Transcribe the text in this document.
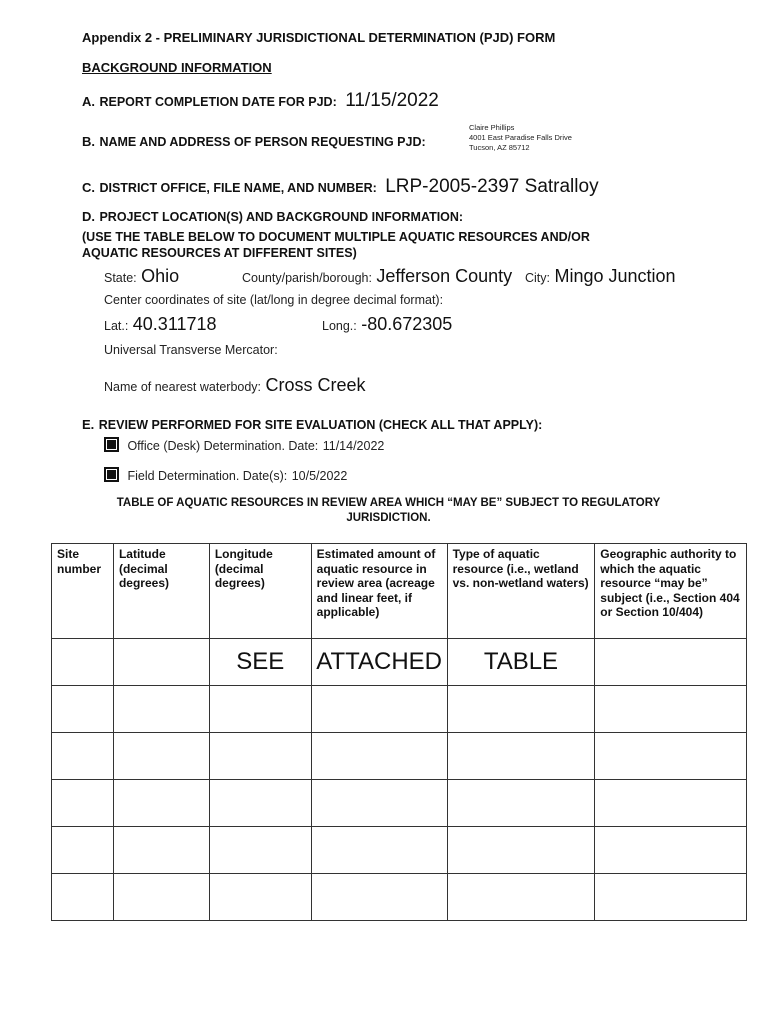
Appendix 2 - PRELIMINARY JURISDICTIONAL DETERMINATION (PJD) FORM
BACKGROUND INFORMATION
A. REPORT COMPLETION DATE FOR PJD: 11/15/2022
B. NAME AND ADDRESS OF PERSON REQUESTING PJD:
Claire Phillips
4001 East Paradise Falls Drive
Tucson, AZ 85712
C. DISTRICT OFFICE, FILE NAME, AND NUMBER: LRP-2005-2397 Satralloy
D. PROJECT LOCATION(S) AND BACKGROUND INFORMATION:
(USE THE TABLE BELOW TO DOCUMENT MULTIPLE AQUATIC RESOURCES AND/OR
AQUATIC RESOURCES AT DIFFERENT SITES)
State: Ohio	County/parish/borough: Jefferson County City: Mingo Junction
Center coordinates of site (lat/long in degree decimal format):
Lat.: 40.311718	Long.: -80.672305
Universal Transverse Mercator:
Name of nearest waterbody: Cross Creek
E. REVIEW PERFORMED FOR SITE EVALUATION (CHECK ALL THAT APPLY):
Office (Desk) Determination. Date: 11/14/2022
Field Determination. Date(s): 10/5/2022
TABLE OF AQUATIC RESOURCES IN REVIEW AREA WHICH “MAY BE” SUBJECT TO REGULATORY
JURISDICTION.
Site number	Latitude (decimal degrees)	Longitude (decimal degrees)	Estimated amount of aquatic resource in review area (acreage and linear feet, if applicable)	Type of aquatic resource (i.e., wetland vs. non-wetland waters)	Geographic authority to which the aquatic resource “may be” subject (i.e., Section 404 or Section 10/404)
		SEE	ATTACHED	TABLE	
